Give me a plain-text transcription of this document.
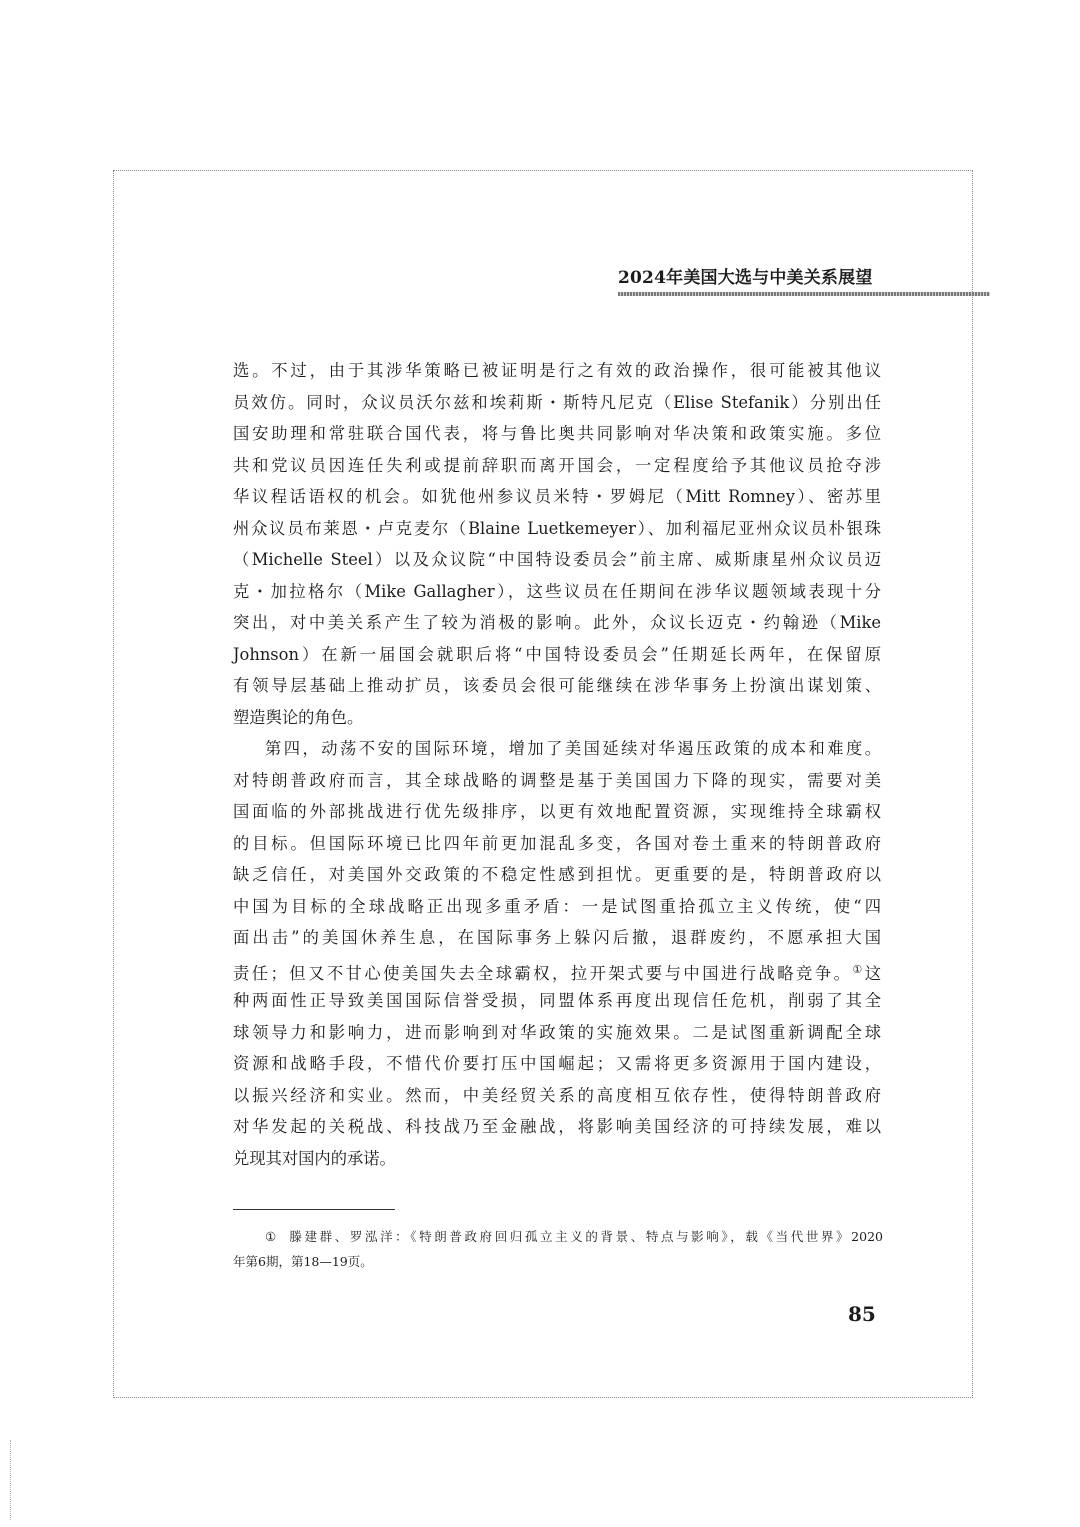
2024年美国大选与中美关系展望
选。不过，由于其涉华策略已被证明是行之有效的政治操作，很可能被其他议
员效仿。同时，众议员沃尔兹和埃莉斯・斯特凡尼克（Elise Stefanik）分别出任
国安助理和常驻联合国代表，将与鲁比奥共同影响对华决策和政策实施。多位
共和党议员因连任失利或提前辞职而离开国会，一定程度给予其他议员抢夺涉
华议程话语权的机会。如犹他州参议员米特・罗姆尼（Mitt Romney）、密苏里
州众议员布莱恩・卢克麦尔（Blaine Luetkemeyer）、加利福尼亚州众议员朴银珠
（Michelle Steel）以及众议院“中国特设委员会”前主席、威斯康星州众议员迈
克・加拉格尔（Mike Gallagher），这些议员在任期间在涉华议题领域表现十分
突出，对中美关系产生了较为消极的影响。此外，众议长迈克・约翰逊（Mike
Johnson）在新一届国会就职后将“中国特设委员会”任期延长两年，在保留原
有领导层基础上推动扩员，该委员会很可能继续在涉华事务上扮演出谋划策、
塑造舆论的角色。
第四，动荡不安的国际环境，增加了美国延续对华遏压政策的成本和难度。
对特朗普政府而言，其全球战略的调整是基于美国国力下降的现实，需要对美
国面临的外部挑战进行优先级排序，以更有效地配置资源，实现维持全球霸权
的目标。但国际环境已比四年前更加混乱多变，各国对卷土重来的特朗普政府
缺乏信任，对美国外交政策的不稳定性感到担忧。更重要的是，特朗普政府以
中国为目标的全球战略正出现多重矛盾：一是试图重拾孤立主义传统，使“四
面出击”的美国休养生息，在国际事务上躲闪后撤，退群废约，不愿承担大国
责任；但又不甘心使美国失去全球霸权，拉开架式要与中国进行战略竞争。①这
种两面性正导致美国国际信誉受损，同盟体系再度出现信任危机，削弱了其全
球领导力和影响力，进而影响到对华政策的实施效果。二是试图重新调配全球
资源和战略手段，不惜代价要打压中国崛起；又需将更多资源用于国内建设，
以振兴经济和实业。然而，中美经贸关系的高度相互依存性，使得特朗普政府
对华发起的关税战、科技战乃至金融战，将影响美国经济的可持续发展，难以
兑现其对国内的承诺。
① 滕建群、罗泓洋：《特朗普政府回归孤立主义的背景、特点与影响》，载《当代世界》2020
年第6期，第18—19页。
85
